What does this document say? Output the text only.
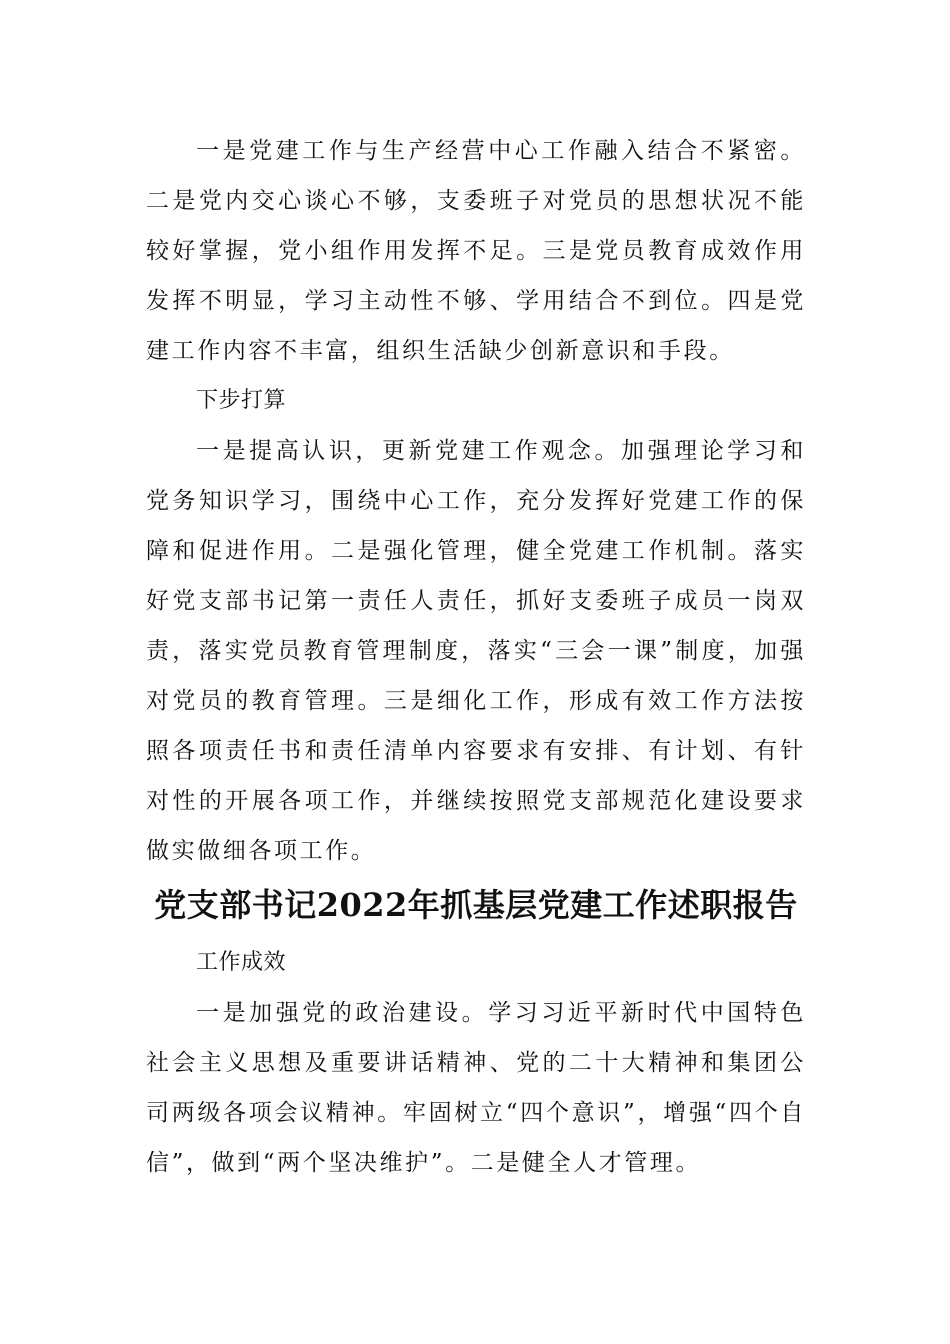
一是党建工作与生产经营中心工作融入结合不紧密。二是党内交心谈心不够，支委班子对党员的思想状况不能较好掌握，党小组作用发挥不足。三是党员教育成效作用发挥不明显，学习主动性不够、学用结合不到位。四是党建工作内容不丰富，组织生活缺少创新意识和手段。

下步打算

一是提高认识，更新党建工作观念。加强理论学习和党务知识学习，围绕中心工作，充分发挥好党建工作的保障和促进作用。二是强化管理，健全党建工作机制。落实好党支部书记第一责任人责任，抓好支委班子成员一岗双责，落实党员教育管理制度，落实“三会一课”制度，加强对党员的教育管理。三是细化工作，形成有效工作方法按照各项责任书和责任清单内容要求有安排、有计划、有针对性的开展各项工作，并继续按照党支部规范化建设要求做实做细各项工作。

党支部书记2022年抓基层党建工作述职报告

工作成效

一是加强党的政治建设。学习习近平新时代中国特色社会主义思想及重要讲话精神、党的二十大精神和集团公司两级各项会议精神。牢固树立“四个意识”，增强“四个自信”，做到“两个坚决维护”。二是健全人才管理。
